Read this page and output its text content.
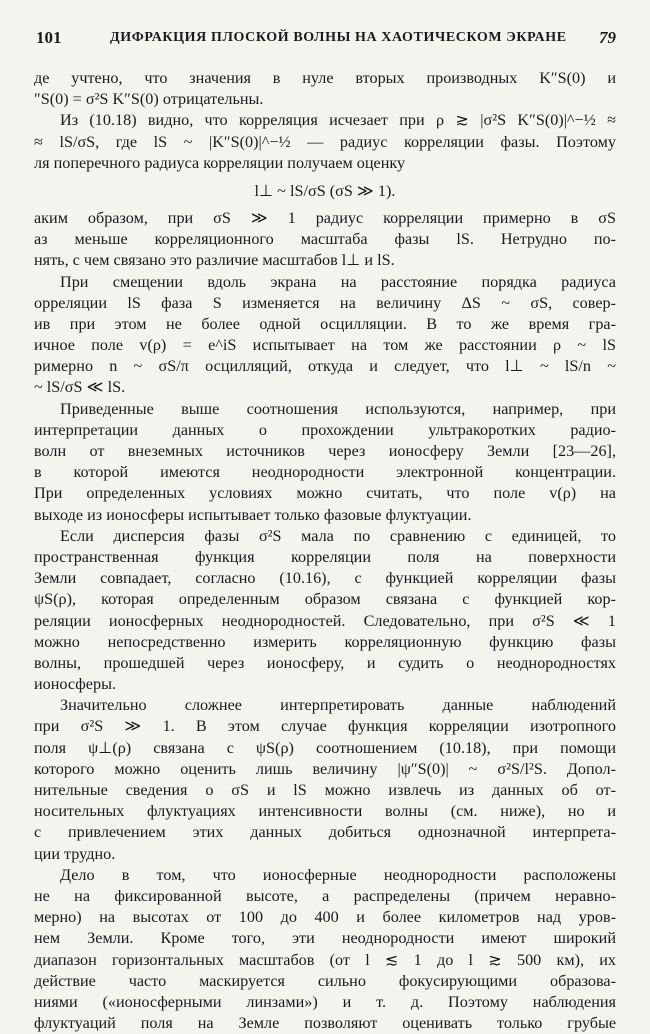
101	ДИФРАКЦИЯ ПЛОСКОЙ ВОЛНЫ НА ХАОТИЧЕСКОМ ЭКРАНЕ 79
де учтено, что значения в нуле вторых производных K″S(0) и
″S(0) = σ²S K″S(0) отрицательны.
Из (10.18) видно, что корреляция исчезает при ρ ≳ |σ²S K″S(0)|^−½ ≈
≈ lS/σS, где lS ~ |K″S(0)|^−½ — радиус корреляции фазы. Поэтому
ля поперечного радиуса корреляции получаем оценку
l⊥ ~ lS/σS (σS ≫ 1).
аким образом, при σS ≫ 1 радиус корреляции примерно в σS
аз меньше корреляционного масштаба фазы lS. Нетрудно по-
нять, с чем связано это различие масштабов l⊥ и lS.
При смещении вдоль экрана на расстояние порядка радиуса
орреляции lS фаза S изменяется на величину ΔS ~ σS, совер-
ив при этом не более одной осцилляции. В то же время гра-
ичное поле v(ρ) = e^iS испытывает на том же расстоянии ρ ~ lS
римерно n ~ σS/π осцилляций, откуда и следует, что l⊥ ~ lS/n ~
~ lS/σS ≪ lS.
Приведенные выше соотношения используются, например, при
интерпретации данных о прохождении ультракоротких радио-
волн от внеземных источников через ионосферу Земли [23—26],
в которой имеются неоднородности электронной концентрации.
При определенных условиях можно считать, что поле v(ρ) на
выходе из ионосферы испытывает только фазовые флуктуации.
Если дисперсия фазы σ²S мала по сравнению с единицей, то
пространственная функция корреляции поля на поверхности
Земли совпадает, согласно (10.16), с функцией корреляции фазы
ψS(ρ), которая определенным образом связана с функцией кор-
реляции ионосферных неоднородностей. Следовательно, при σ²S ≪ 1
можно непосредственно измерить корреляционную функцию фазы
волны, прошедшей через ионосферу, и судить о неоднородностях
ионосферы.
Значительно сложнее интерпретировать данные наблюдений
при σ²S ≫ 1. В этом случае функция корреляции изотропного
поля ψ⊥(ρ) связана с ψS(ρ) соотношением (10.18), при помощи
которого можно оценить лишь величину |ψ″S(0)| ~ σ²S/l²S. Допол-
нительные сведения о σS и lS можно извлечь из данных об от-
носительных флуктуациях интенсивности волны (см. ниже), но и
с привлечением этих данных добиться однозначной интерпрета-
ции трудно.
Дело в том, что ионосферные неоднородности расположены
не на фиксированной высоте, а распределены (причем неравно-
мерно) на высотах от 100 до 400 и более километров над уров-
нем Земли. Кроме того, эти неоднородности имеют широкий
диапазон горизонтальных масштабов (от l ≲ 1 до l ≳ 500 км), их
действие часто маскируется сильно фокусирующими образова-
ниями («ионосферными линзами») и т. д. Поэтому наблюдения
флуктуаций поля на Земле позволяют оценивать только грубые
